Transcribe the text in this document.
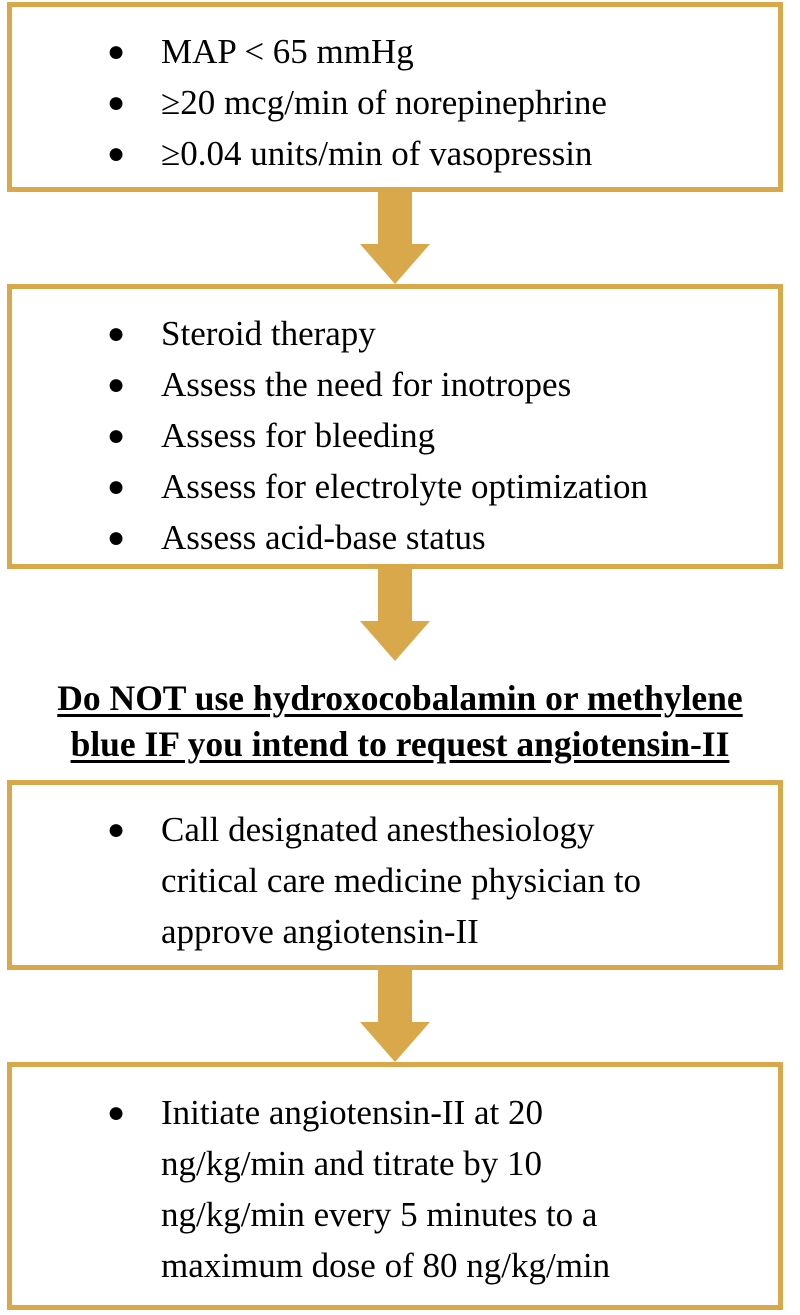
● MAP < 65 mmHg
● ≥20 mcg/min of norepinephrine
● ≥0.04 units/min of vasopressin
● Steroid therapy
● Assess the need for inotropes
● Assess for bleeding
● Assess for electrolyte optimization
● Assess acid-base status
Do NOT use hydroxocobalamin or methylene
blue IF you intend to request angiotensin-II
● Call designated anesthesiology
critical care medicine physician to
approve angiotensin-II
● Initiate angiotensin-II at 20
ng/kg/min and titrate by 10
ng/kg/min every 5 minutes to a
maximum dose of 80 ng/kg/min
